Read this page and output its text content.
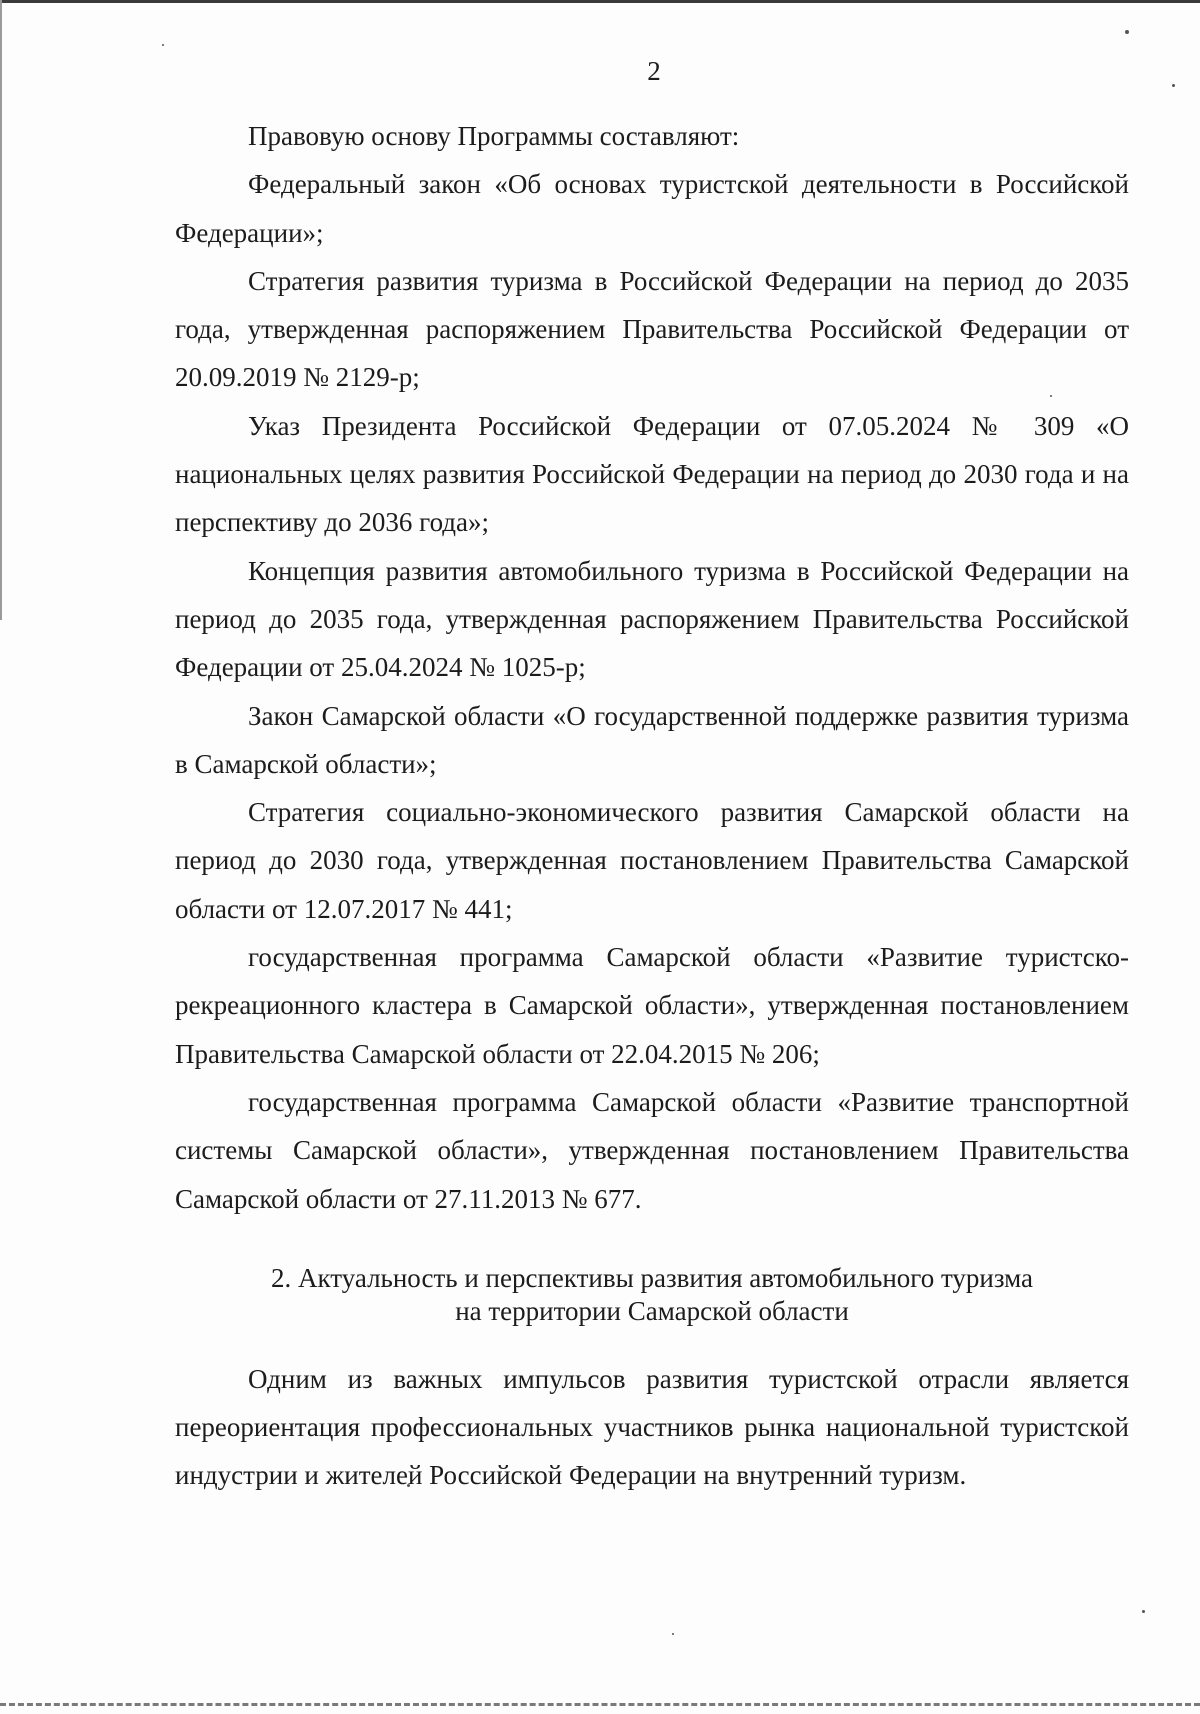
2

Правовую основу Программы составляют:

Федеральный закон «Об основах туристской деятельности в Российской Федерации»;

Стратегия развития туризма в Российской Федерации на период до 2035 года, утвержденная распоряжением Правительства Российской Федерации от 20.09.2019 № 2129-р;

Указ Президента Российской Федерации от 07.05.2024 № 309 «О национальных целях развития Российской Федерации на период до 2030 года и на перспективу до 2036 года»;

Концепция развития автомобильного туризма в Российской Федерации на период до 2035 года, утвержденная распоряжением Правительства Российской Федерации от 25.04.2024 № 1025-р;

Закон Самарской области «О государственной поддержке развития туризма в Самарской области»;

Стратегия социально-экономического развития Самарской области на период до 2030 года, утвержденная постановлением Правительства Самарской области от 12.07.2017 № 441;

государственная программа Самарской области «Развитие туристско-рекреационного кластера в Самарской области», утвержденная постановлением Правительства Самарской области от 22.04.2015 № 206;

государственная программа Самарской области «Развитие транспортной системы Самарской области», утвержденная постановлением Правительства Самарской области от 27.11.2013 № 677.

2. Актуальность и перспективы развития автомобильного туризма
на территории Самарской области

Одним из важных импульсов развития туристской отрасли является переориентация профессиональных участников рынка национальной туристской индустрии и жителей Российской Федерации на внутренний туризм.
